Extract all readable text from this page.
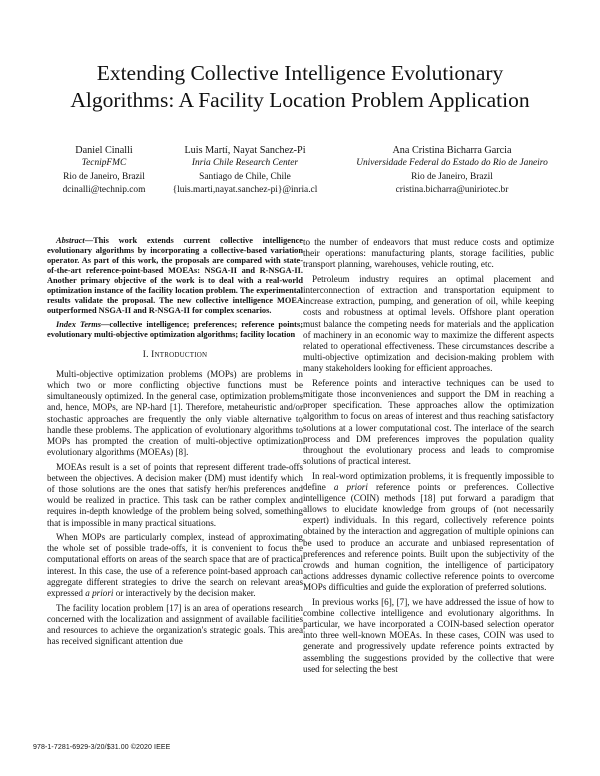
Extending Collective Intelligence Evolutionary Algorithms: A Facility Location Problem Application
Daniel Cinalli
TecnipFMC
Rio de Janeiro, Brazil
dcinalli@technip.com
Luis Martí, Nayat Sanchez-Pi
Inria Chile Research Center
Santiago de Chile, Chile
{luis.marti,nayat.sanchez-pi}@inria.cl
Ana Cristina Bicharra Garcia
Universidade Federal do Estado do Rio de Janeiro
Rio de Janeiro, Brazil
cristina.bicharra@uniriotec.br

Abstract—This work extends current collective intelligence evolutionary algorithms by incorporating a collective-based variation operator. As part of this work, the proposals are compared with state-of-the-art reference-point-based MOEAs: NSGA-II and R-NSGA-II. Another primary objective of the work is to deal with a real-world optimization instance of the facility location problem. The experimental results validate the proposal. The new collective intelligence MOEA outperformed NSGA-II and R-NSGA-II for complex scenarios.

Index Terms—collective intelligence; preferences; reference points; evolutionary multi-objective optimization algorithms; facility location

I. Introduction

Multi-objective optimization problems (MOPs) are problems in which two or more conflicting objective functions must be simultaneously optimized. In the general case, optimization problems and, hence, MOPs, are NP-hard [1]. Therefore, metaheuristic and/or stochastic approaches are frequently the only viable alternative to handle these problems. The application of evolutionary algorithms to MOPs has prompted the creation of multi-objective optimization evolutionary algorithms (MOEAs) [8].

MOEAs result is a set of points that represent different trade-offs between the objectives. A decision maker (DM) must identify which of those solutions are the ones that satisfy her/his preferences and would be realized in practice. This task can be rather complex and requires in-depth knowledge of the problem being solved, something that is impossible in many practical situations.

When MOPs are particularly complex, instead of approximating the whole set of possible trade-offs, it is convenient to focus the computational efforts on areas of the search space that are of practical interest. In this case, the use of a reference point-based approach can aggregate different strategies to drive the search on relevant areas expressed a priori or interactively by the decision maker.

The facility location problem [17] is an area of operations research concerned with the localization and assignment of available facilities and resources to achieve the organization's strategic goals. This area has received significant attention due

to the number of endeavors that must reduce costs and optimize their operations: manufacturing plants, storage facilities, public transport planning, warehouses, vehicle routing, etc.

Petroleum industry requires an optimal placement and interconnection of extraction and transportation equipment to increase extraction, pumping, and generation of oil, while keeping costs and robustness at optimal levels. Offshore plant operation must balance the competing needs for materials and the application of machinery in an economic way to maximize the different aspects related to operational effectiveness. These circumstances describe a multi-objective optimization and decision-making problem with many stakeholders looking for efficient approaches.

Reference points and interactive techniques can be used to mitigate those inconveniences and support the DM in reaching a proper specification. These approaches allow the optimization algorithm to focus on areas of interest and thus reaching satisfactory solutions at a lower computational cost. The interlace of the search process and DM preferences improves the population quality throughout the evolutionary process and leads to compromise solutions of practical interest.

In real-word optimization problems, it is frequently impossible to define a priori reference points or preferences. Collective intelligence (COIN) methods [18] put forward a paradigm that allows to elucidate knowledge from groups of (not necessarily expert) individuals. In this regard, collectively reference points obtained by the interaction and aggregation of multiple opinions can be used to produce an accurate and unbiased representation of preferences and reference points. Built upon the subjectivity of the crowds and human cognition, the intelligence of participatory actions addresses dynamic collective reference points to overcome MOPs difficulties and guide the exploration of preferred solutions.

In previous works [6], [7], we have addressed the issue of how to combine collective intelligence and evolutionary algorithms. In particular, we have incorporated a COIN-based selection operator into three well-known MOEAs. In these cases, COIN was used to generate and progressively update reference points extracted by assembling the suggestions provided by the collective that were used for selecting the best

978-1-7281-6929-3/20/$31.00 ©2020 IEEE
